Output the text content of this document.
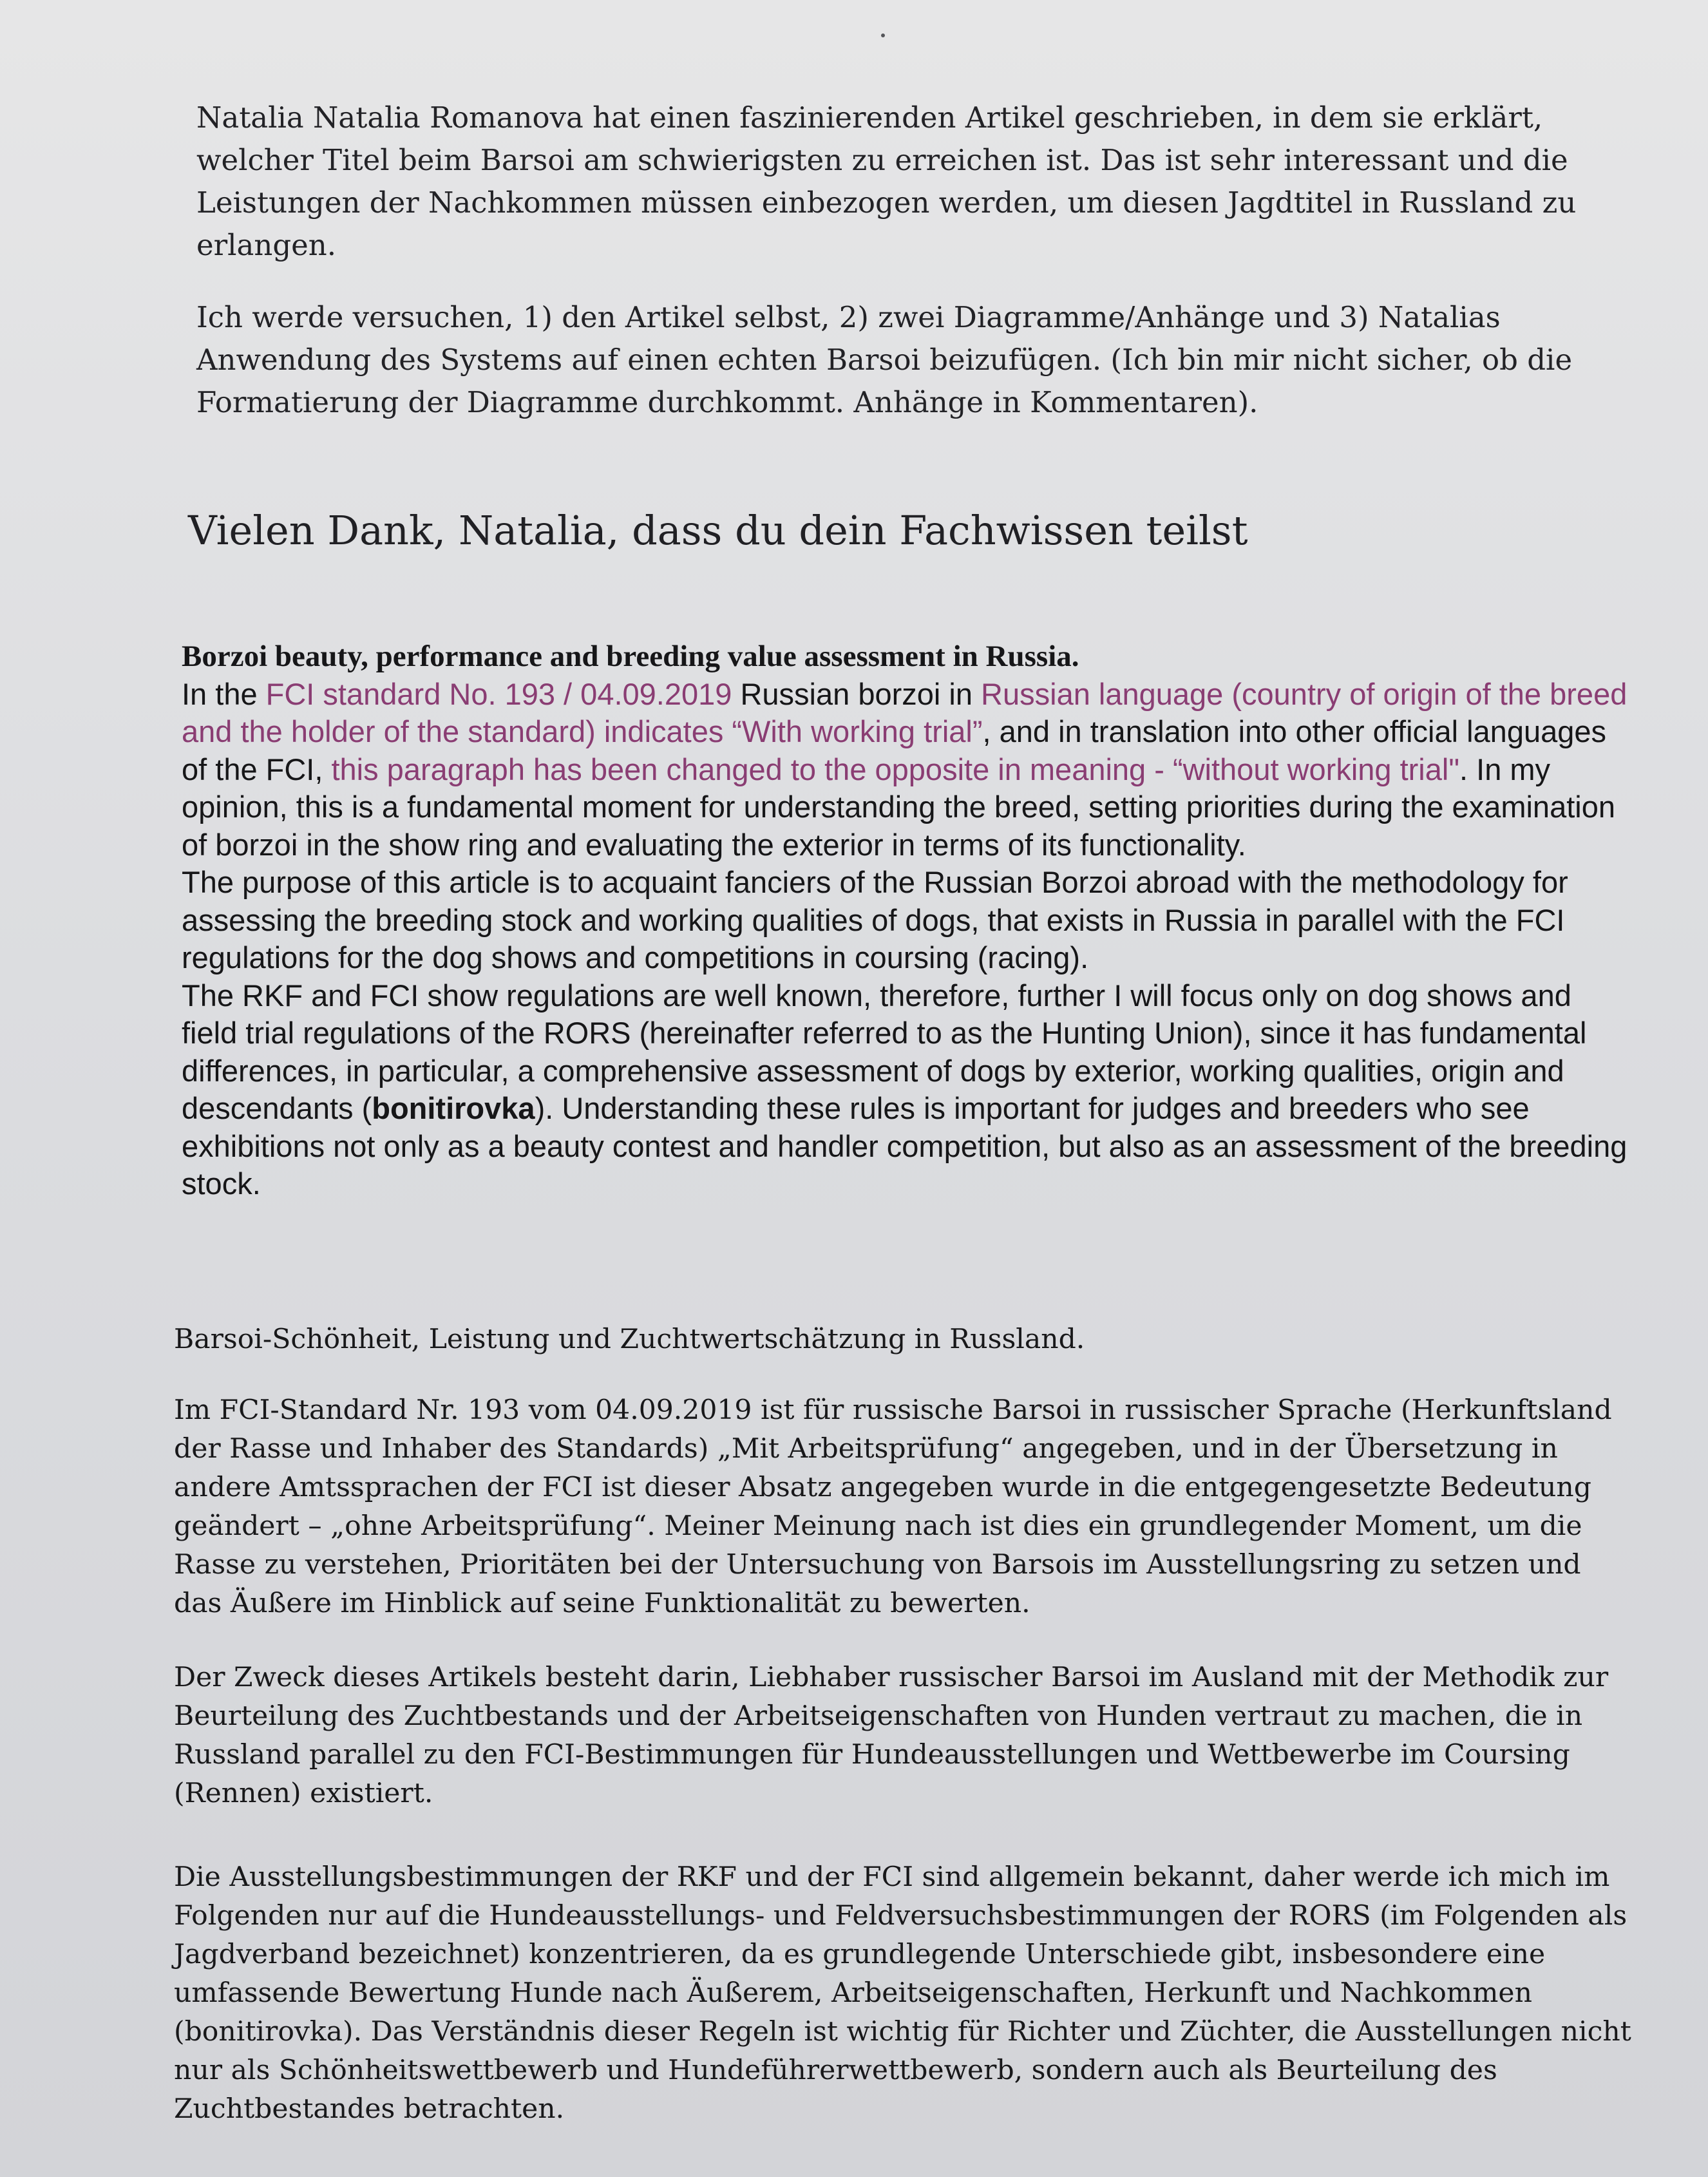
Natalia Natalia Romanova hat einen faszinierenden Artikel geschrieben, in dem sie erklärt, welcher Titel beim Barsoi am schwierigsten zu erreichen ist. Das ist sehr interessant und die Leistungen der Nachkommen müssen einbezogen werden, um diesen Jagdtitel in Russland zu erlangen.

Ich werde versuchen, 1) den Artikel selbst, 2) zwei Diagramme/Anhänge und 3) Natalias Anwendung des Systems auf einen echten Barsoi beizufügen. (Ich bin mir nicht sicher, ob die Formatierung der Diagramme durchkommt. Anhänge in Kommentaren).

Vielen Dank, Natalia, dass du dein Fachwissen teilst
Borzoi beauty, performance and breeding value assessment in Russia.
In the FCI standard No. 193 / 04.09.2019 Russian borzoi in Russian language (country of origin of the breed and the holder of the standard) indicates “With working trial”, and in translation into other official languages of the FCI, this paragraph has been changed to the opposite in meaning - “without working trial". In my opinion, this is a fundamental moment for understanding the breed, setting priorities during the examination of borzoi in the show ring and evaluating the exterior in terms of its functionality.
The purpose of this article is to acquaint fanciers of the Russian Borzoi abroad with the methodology for assessing the breeding stock and working qualities of dogs, that exists in Russia in parallel with the FCI regulations for the dog shows and competitions in coursing (racing).
The RKF and FCI show regulations are well known, therefore, further I will focus only on dog shows and field trial regulations of the RORS (hereinafter referred to as the Hunting Union), since it has fundamental differences, in particular, a comprehensive assessment of dogs by exterior, working qualities, origin and descendants (bonitirovka). Understanding these rules is important for judges and breeders who see exhibitions not only as a beauty contest and handler competition, but also as an assessment of the breeding stock.

Barsoi-Schönheit, Leistung und Zuchtwertschätzung in Russland.

Im FCI-Standard Nr. 193 vom 04.09.2019 ist für russische Barsoi in russischer Sprache (Herkunftsland der Rasse und Inhaber des Standards) „Mit Arbeitsprüfung“ angegeben, und in der Übersetzung in andere Amtssprachen der FCI ist dieser Absatz angegeben wurde in die entgegengesetzte Bedeutung geändert – „ohne Arbeitsprüfung“. Meiner Meinung nach ist dies ein grundlegender Moment, um die Rasse zu verstehen, Prioritäten bei der Untersuchung von Barsois im Ausstellungsring zu setzen und das Äußere im Hinblick auf seine Funktionalität zu bewerten.

Der Zweck dieses Artikels besteht darin, Liebhaber russischer Barsoi im Ausland mit der Methodik zur Beurteilung des Zuchtbestands und der Arbeitseigenschaften von Hunden vertraut zu machen, die in Russland parallel zu den FCI-Bestimmungen für Hundeausstellungen und Wettbewerbe im Coursing (Rennen) existiert.

Die Ausstellungsbestimmungen der RKF und der FCI sind allgemein bekannt, daher werde ich mich im Folgenden nur auf die Hundeausstellungs- und Feldversuchsbestimmungen der RORS (im Folgenden als Jagdverband bezeichnet) konzentrieren, da es grundlegende Unterschiede gibt, insbesondere eine umfassende Bewertung Hunde nach Äußerem, Arbeitseigenschaften, Herkunft und Nachkommen (bonitirovka). Das Verständnis dieser Regeln ist wichtig für Richter und Züchter, die Ausstellungen nicht nur als Schönheitswettbewerb und Hundeführerwettbewerb, sondern auch als Beurteilung des Zuchtbestandes betrachten.
